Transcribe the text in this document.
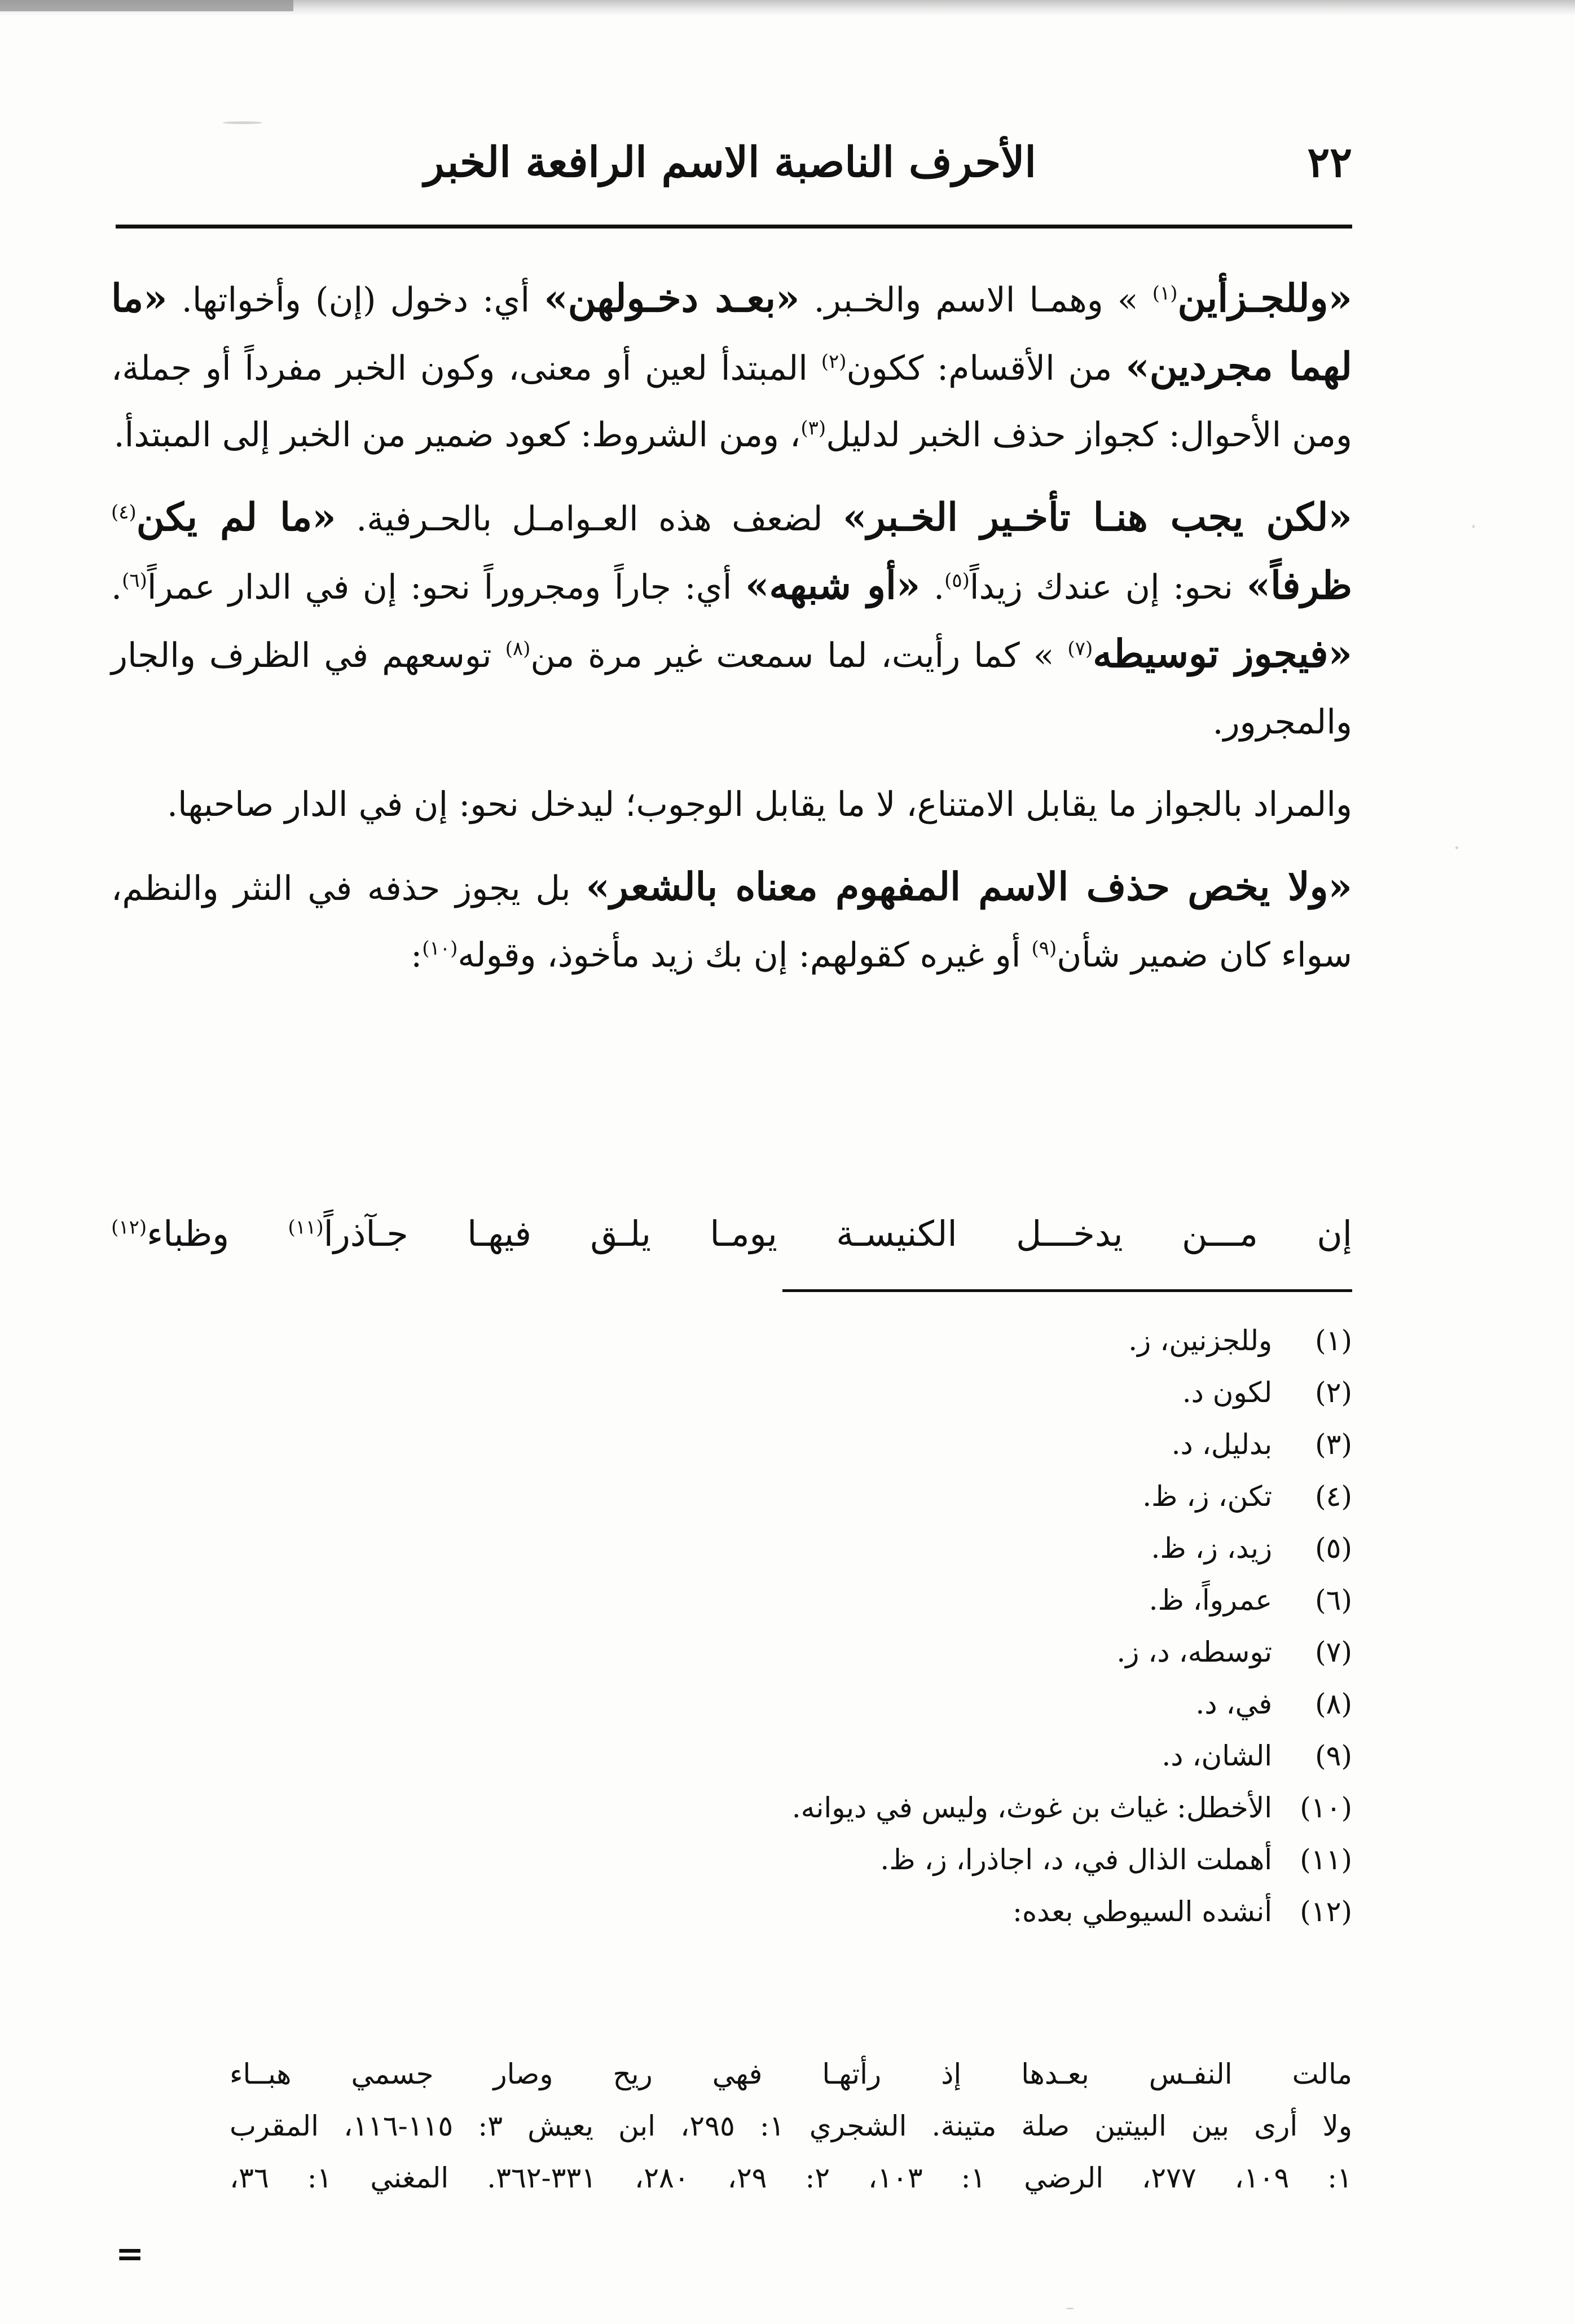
٢٢
الأحرف الناصبة الاسم الرافعة الخبر

«وللجـزأين$^{(١)}$ » وهمـا الاسم والخـبر. «بعـد دخـولهن» أي: دخول (إن) وأخواتها. «ما لهما مجردين» من الأقسام: ككون$^{(٢)}$ المبتدأ لعين أو معنى، وكون الخبر مفرداً أو جملة، ومن الأحوال: كجواز حذف الخبر لدليل$^{(٣)}$، ومن الشروط: كعود ضمير من الخبر إلى المبتدأ.

«لكن يجب هنـا تأخـير الخـبر» لضعف هذه العـوامـل بالحـرفية. «ما لم يكن$^{(٤)}$ ظرفاً» نحو: إن عندك زيداً$^{(٥)}$. «أو شبهه» أي: جاراً ومجروراً نحو: إن في الدار عمراً$^{(٦)}$. «فيجوز توسيطه$^{(٧)}$ » كما رأيت، لما سمعت غير مرة من$^{(٨)}$ توسعهم في الظرف والجار والمجرور.

والمراد بالجواز ما يقابل الامتناع، لا ما يقابل الوجوب؛ ليدخل نحو: إن في الدار صاحبها.

«ولا يخص حذف الاسم المفهوم معناه بالشعر» بل يجوز حذفه في النثر والنظم، سواء كان ضمير شأن$^{(٩)}$ أو غيره كقولهم: إن بك زيد مأخوذ، وقوله$^{(١٠)}$:

إن
مـــن
يدخـــل
الكنيسـة
يومـا
يلـق
فيهـا
جـآذراً$^{(١١)}$
وظباء$^{(١٢)}$
(١)

وللجزنين، ز.
(٢)

لكون د.
(٣)

بدليل، د.
(٤)

تكن، ز، ظ.
(٥)

زيد، ز، ظ.
(٦)

عمرواً، ظ.
(٧)

توسطه، د، ز.
(٨)

في، د.
(٩)

الشان، د.
(١٠)

الأخطل: غياث بن غوث، وليس في ديوانه.
(١١)

أهملت الذال في، د، اجاذرا، ز، ظ.
(١٢)

أنشده السيوطي بعده:
مالت
النفـس
بعـدها
إذ
رأتهـا
فهي
ريح
وصار
جسمي
هبــاء
ولا أرى بين البيتين صلة متينة. الشجري ١: ٢٩٥، ابن يعيش ٣: ١١٥-١١٦، المقرب
١: ١٠٩، ٢٧٧، الرضي ١: ١٠٣، ٢: ٢٩، ٢٨٠، ٣٣١-٣٦٢. المغني ١: ٣٦،
=
